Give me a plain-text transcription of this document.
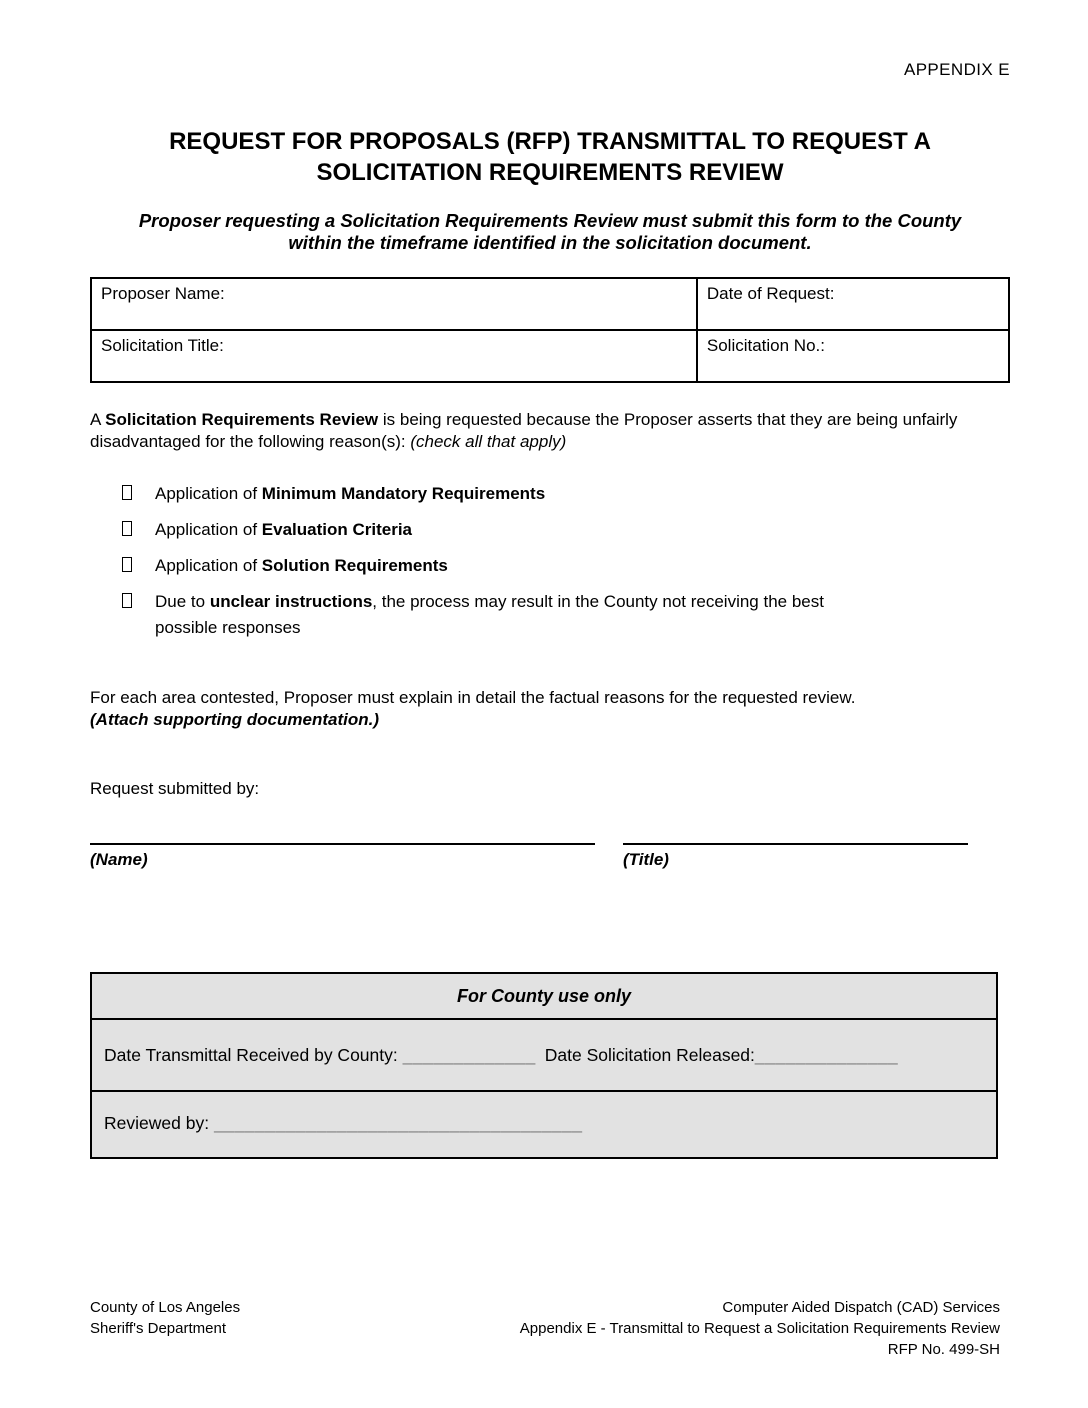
APPENDIX E
REQUEST FOR PROPOSALS (RFP) TRANSMITTAL TO REQUEST A
SOLICITATION REQUIREMENTS REVIEW
Proposer requesting a Solicitation Requirements Review must submit this form to the County
within the timeframe identified in the solicitation document.
Proposer Name:	Date of Request:
Solicitation Title:	Solicitation No.:
A Solicitation Requirements Review is being requested because the Proposer asserts that they are being unfairly disadvantaged for the following reason(s): (check all that apply)
Application of Minimum Mandatory Requirements
Application of Evaluation Criteria
Application of Solution Requirements
Due to unclear instructions, the process may result in the County not receiving the best possible responses
For each area contested, Proposer must explain in detail the factual reasons for the requested review.
(Attach supporting documentation.)
Request submitted by:
(Name)	(Title)
For County use only
Date Transmittal Received by County: _____________ Date Solicitation Released:______________
Reviewed by: ____________________________________
County of Los Angeles
Sheriff's Department
Computer Aided Dispatch (CAD) Services
Appendix E - Transmittal to Request a Solicitation Requirements Review
RFP No. 499-SH
